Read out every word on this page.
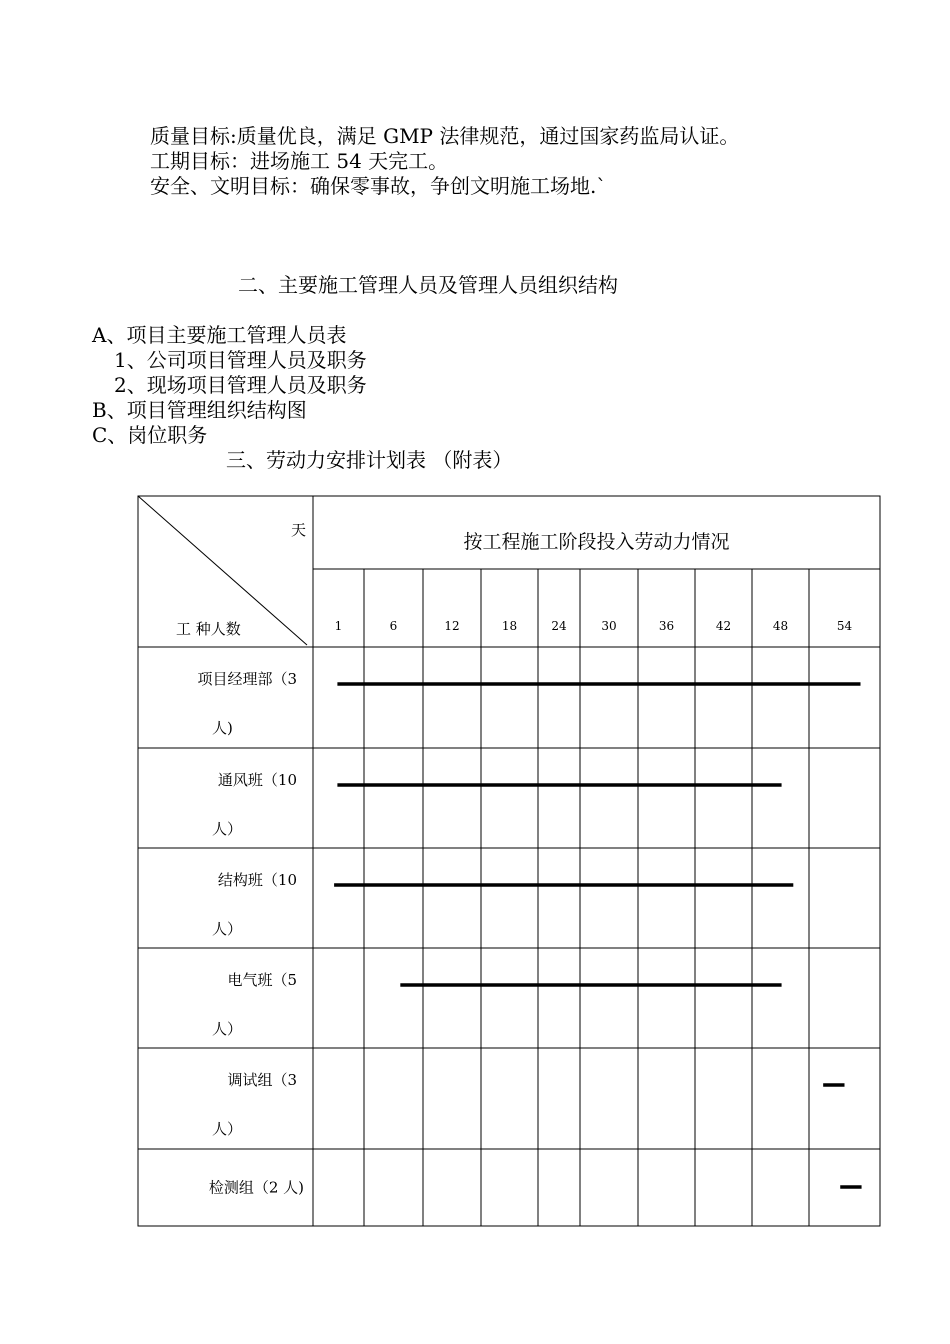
质量目标:质量优良，满足 GMP 法律规范，通过国家药监局认证。
工期目标：进场施工 54 天完工。
安全、文明目标：确保零事故，争创文明施工场地.`
二、主要施工管理人员及管理人员组织结构
A、项目主要施工管理人员表
1、公司项目管理人员及职务
2、现场项目管理人员及职务
B、项目管理组织结构图
C、岗位职务
三、劳动力安排计划表 （附表）
天
工 种人数
按工程施工阶段投入劳动力情况
1	6	12	18	24	30	36	42	48	54
项目经理部（3
人)
通风班（10
人）
结构班（10
人）
电气班（5
人）
调试组（3
人）
检测组（2 人)
